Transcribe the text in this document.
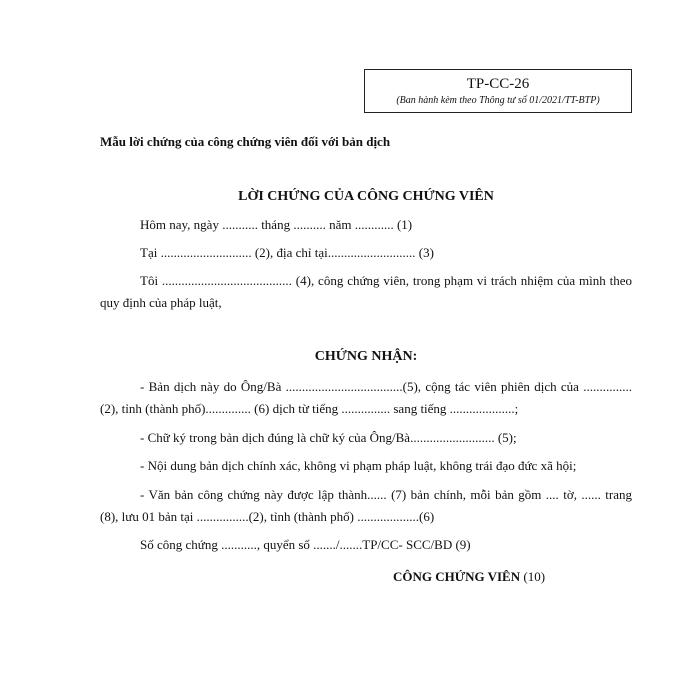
TP-CC-26
(Ban hành kèm theo Thông tư số 01/2021/TT-BTP)
Mẫu lời chứng của công chứng viên đối với bản dịch
LỜI CHỨNG CỦA CÔNG CHỨNG VIÊN
Hôm nay, ngày ........... tháng .......... năm ............ (1)
Tại ............................ (2), địa chỉ tại........................... (3)
Tôi ........................................ (4), công chứng viên, trong phạm vi trách nhiệm của mình theo quy định của pháp luật,
CHỨNG NHẬN:
- Bản dịch này do Ông/Bà ....................................(5), cộng tác viên phiên dịch của ...............(2), tỉnh (thành phố).............. (6) dịch từ tiếng ............... sang tiếng ....................;
- Chữ ký trong bản dịch đúng là chữ ký của Ông/Bà.......................... (5);
- Nội dung bản dịch chính xác, không vi phạm pháp luật, không trái đạo đức xã hội;
- Văn bản công chứng này được lập thành...... (7) bản chính, mỗi bản gồm .... tờ, ...... trang (8), lưu 01 bản tại ................(2), tỉnh (thành phố) ...................(6)
Số công chứng ..........., quyển số ......./.......TP/CC- SCC/BD (9)
CÔNG CHỨNG VIÊN (10)
